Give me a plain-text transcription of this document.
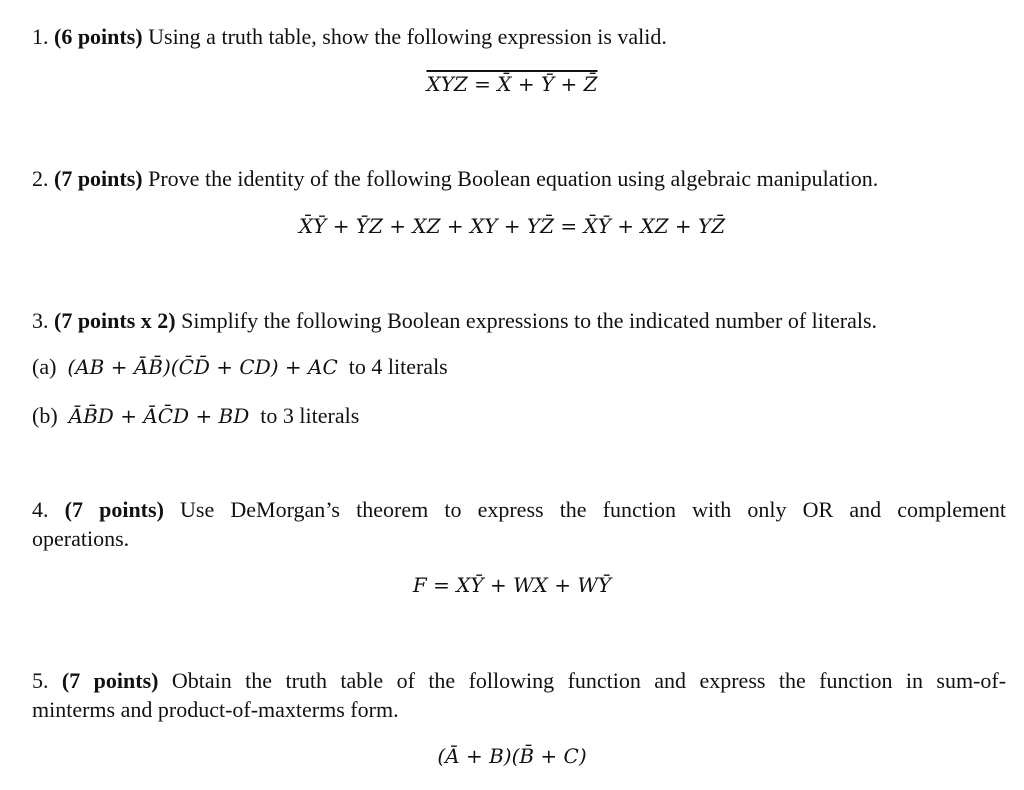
1. (6 points) Using a truth table, show the following expression is valid.
XYZ = X̄ + Ȳ + Z̄
2. (7 points) Prove the identity of the following Boolean equation using algebraic manipulation.
X̄Ȳ + ȲZ + XZ + XY + YZ̄ = X̄Ȳ + XZ + YZ̄
3. (7 points x 2) Simplify the following Boolean expressions to the indicated number of literals.
(a) (AB + ĀB̄)(C̄D̄ + CD) + AC to 4 literals
(b) ĀB̄D + ĀC̄D + BD to 3 literals
4. (7 points) Use DeMorgan’s theorem to express the function with only OR and complement
operations.
F = XȲ + WX + WȲ
5. (7 points) Obtain the truth table of the following function and express the function in sum-of-
minterms and product-of-maxterms form.
(Ā + B)(B̄ + C)
